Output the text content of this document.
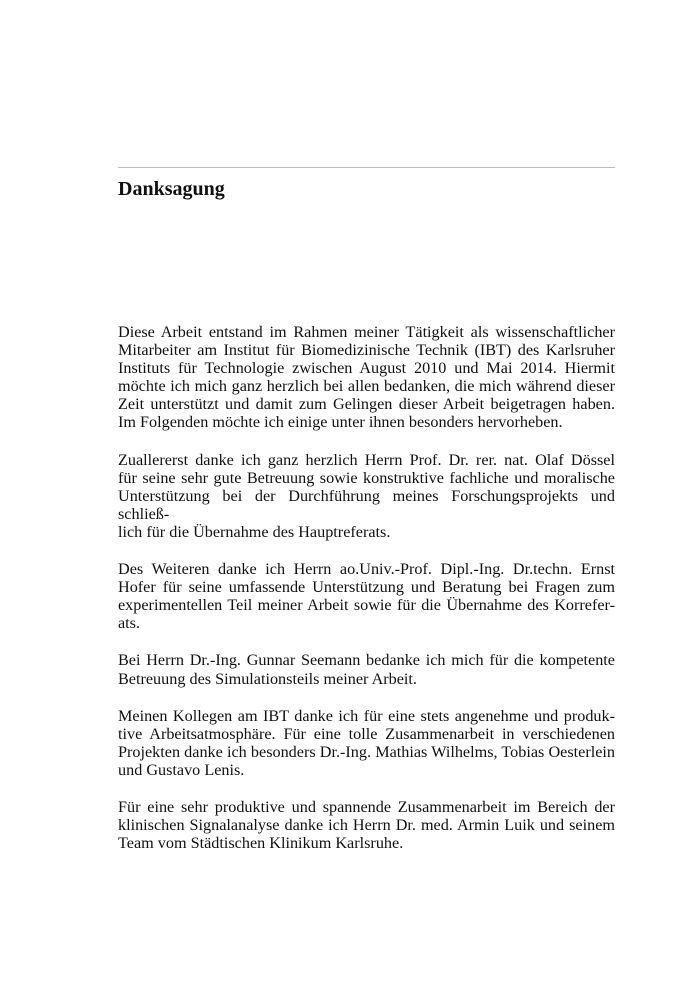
Danksagung
Diese Arbeit entstand im Rahmen meiner Tätigkeit als wissenschaftlicher
Mitarbeiter am Institut für Biomedizinische Technik (IBT) des Karlsruher
Instituts für Technologie zwischen August 2010 und Mai 2014. Hiermit
möchte ich mich ganz herzlich bei allen bedanken, die mich während dieser
Zeit unterstützt und damit zum Gelingen dieser Arbeit beigetragen haben.
Im Folgenden möchte ich einige unter ihnen besonders hervorheben.
Zuallererst danke ich ganz herzlich Herrn Prof. Dr. rer. nat. Olaf Dössel
für seine sehr gute Betreuung sowie konstruktive fachliche und moralische
Unterstützung bei der Durchführung meines Forschungsprojekts und schließ-
lich für die Übernahme des Hauptreferats.
Des Weiteren danke ich Herrn ao.Univ.-Prof. Dipl.-Ing. Dr.techn. Ernst
Hofer für seine umfassende Unterstützung und Beratung bei Fragen zum
experimentellen Teil meiner Arbeit sowie für die Übernahme des Korrefer-
ats.
Bei Herrn Dr.-Ing. Gunnar Seemann bedanke ich mich für die kompetente
Betreuung des Simulationsteils meiner Arbeit.
Meinen Kollegen am IBT danke ich für eine stets angenehme und produk-
tive Arbeitsatmosphäre. Für eine tolle Zusammenarbeit in verschiedenen
Projekten danke ich besonders Dr.-Ing. Mathias Wilhelms, Tobias Oesterlein
und Gustavo Lenis.
Für eine sehr produktive und spannende Zusammenarbeit im Bereich der
klinischen Signalanalyse danke ich Herrn Dr. med. Armin Luik und seinem
Team vom Städtischen Klinikum Karlsruhe.
